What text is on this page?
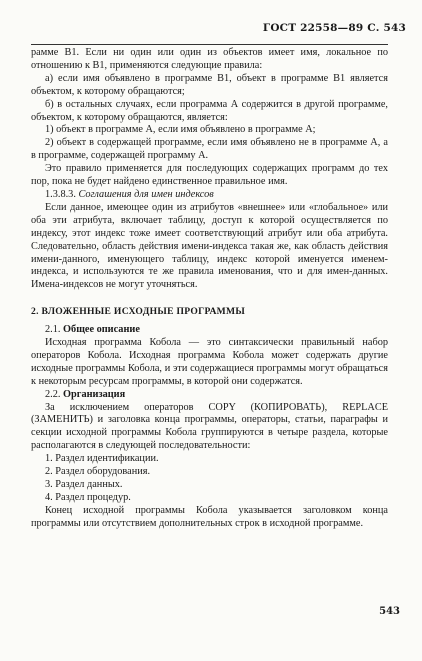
ГОСТ 22558—89 С. 543

рамме В1. Если ни один или один из объектов имеет имя, локальное по отношению к В1, применяются следующие правила:

а) если имя объявлено в программе В1, объект в программе В1 является объектом, к которому обращаются;

б) в остальных случаях, если программа А содержится в другой программе, объектом, к которому обращаются, является:

1) объект в программе А, если имя объявлено в программе А;

2) объект в содержащей программе, если имя объявлено не в программе А, а в программе, содержащей программу А.

Это правило применяется для последующих содержащих программ до тех пор, пока не будет найдено единственное правильное имя.

1.3.8.3. Соглашения для имен индексов

Если данное, имеющее один из атрибутов «внешнее» или «глобальное» или оба эти атрибута, включает таблицу, доступ к которой осуществляется по индексу, этот индекс тоже имеет соответствующий атрибут или оба атрибута. Следовательно, область действия имени-индекса такая же, как область действия имени-данного, именующего таблицу, индекс которой именуется именем-индекса, и используются те же правила именования, что и для имен-данных. Имена-индексов не могут уточняться.

2. ВЛОЖЕННЫЕ ИСХОДНЫЕ ПРОГРАММЫ

2.1. Общее описание

Исходная программа Кобола — это синтаксически правильный набор операторов Кобола. Исходная программа Кобола может содержать другие исходные программы Кобола, и эти содержащиеся программы могут обращаться к некоторым ресурсам программы, в которой они содержатся.

2.2. Организация

За исключением операторов COPY (КОПИРОВАТЬ), REPLACE (ЗАМЕНИТЬ) и заголовка конца программы, операторы, статьи, параграфы и секции исходной программы Кобола группируются в четыре раздела, которые располагаются в следующей последовательности:

1. Раздел идентификации.

2. Раздел оборудования.

3. Раздел данных.

4. Раздел процедур.

Конец исходной программы Кобола указывается заголовком конца программы или отсутствием дополнительных строк в исходной программе.

543
